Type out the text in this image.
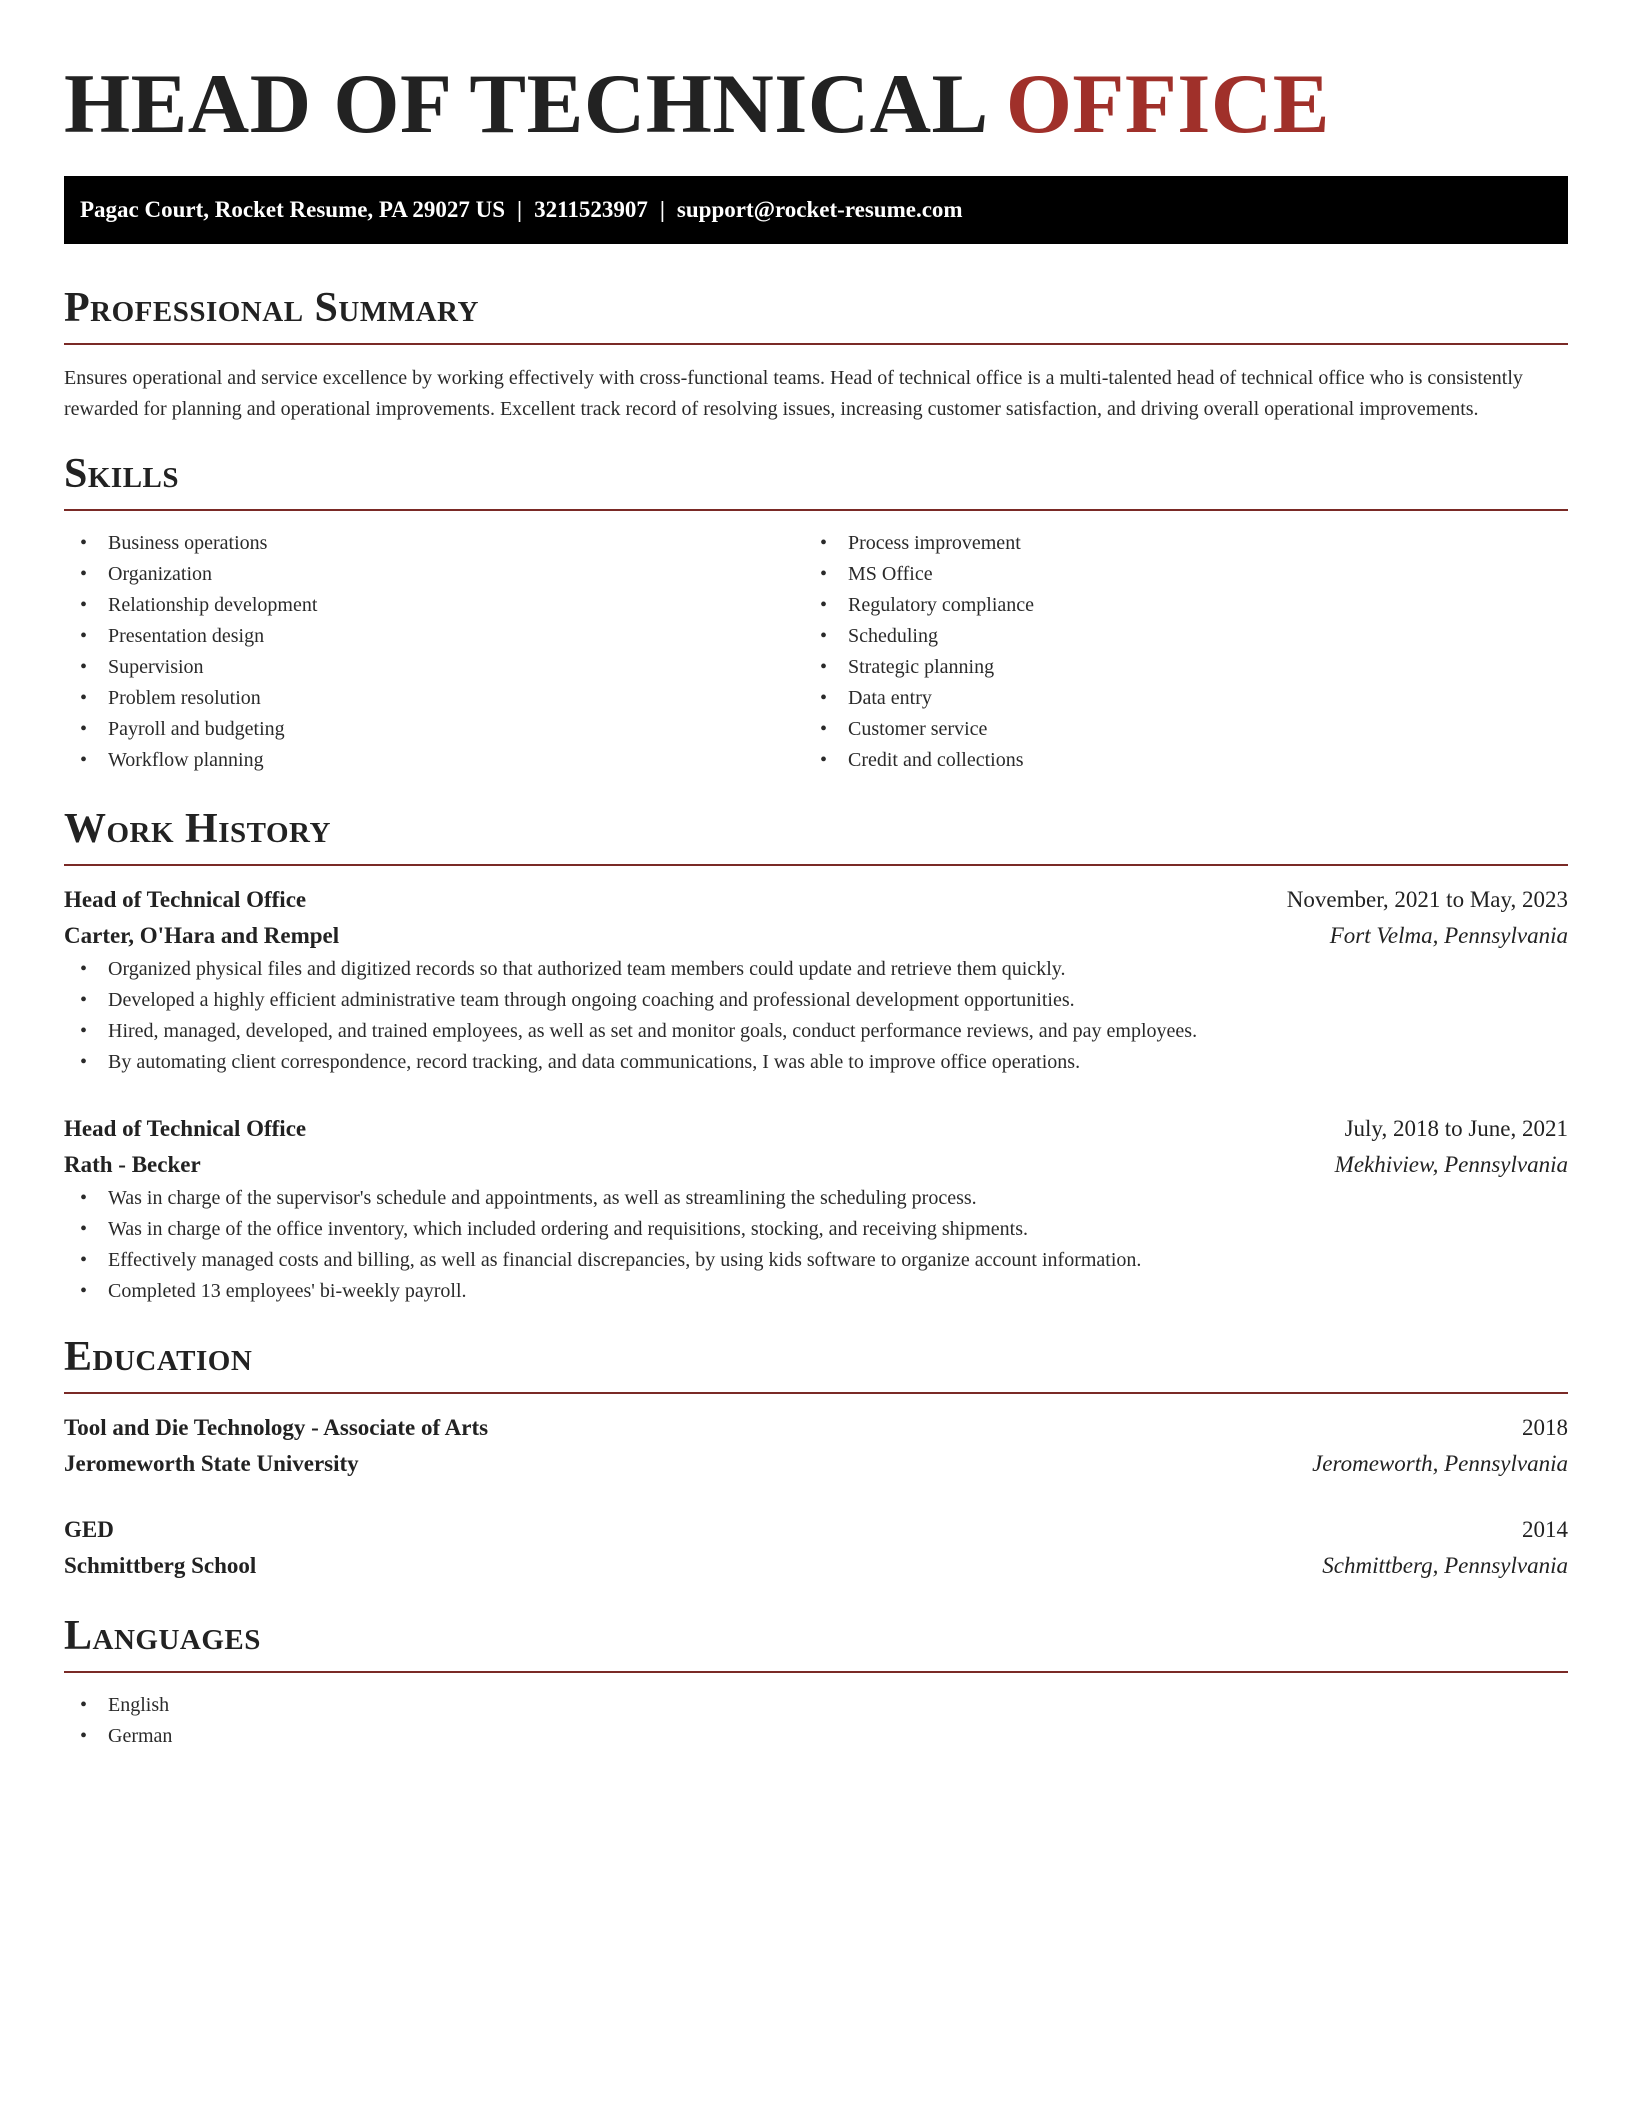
HEAD OF TECHNICAL OFFICE
Pagac Court, Rocket Resume, PA 29027 US | 3211523907 | support@rocket-resume.com
Professional Summary

Ensures operational and service excellence by working effectively with cross-functional teams. Head of technical office is a multi-talented head of technical office who is consistently rewarded for planning and operational improvements. Excellent track record of resolving issues, increasing customer satisfaction, and driving overall operational improvements.

Skills
• Business operations
• Organization
• Relationship development
• Presentation design
• Supervision
• Problem resolution
• Payroll and budgeting
• Workflow planning
• Process improvement
• MS Office
• Regulatory compliance
• Scheduling
• Strategic planning
• Data entry
• Customer service
• Credit and collections
Work History
Head of Technical Office	November, 2021 to May, 2023
Carter, O'Hara and Rempel	Fort Velma, Pennsylvania
• Organized physical files and digitized records so that authorized team members could update and retrieve them quickly.
• Developed a highly efficient administrative team through ongoing coaching and professional development opportunities.
• Hired, managed, developed, and trained employees, as well as set and monitor goals, conduct performance reviews, and pay employees.
• By automating client correspondence, record tracking, and data communications, I was able to improve office operations.
Head of Technical Office	July, 2018 to June, 2021
Rath - Becker	Mekhiview, Pennsylvania
• Was in charge of the supervisor's schedule and appointments, as well as streamlining the scheduling process.
• Was in charge of the office inventory, which included ordering and requisitions, stocking, and receiving shipments.
• Effectively managed costs and billing, as well as financial discrepancies, by using kids software to organize account information.
• Completed 13 employees' bi-weekly payroll.
Education
Tool and Die Technology - Associate of Arts	2018
Jeromeworth State University	Jeromeworth, Pennsylvania
GED	2014
Schmittberg School	Schmittberg, Pennsylvania
Languages
• English
• German
